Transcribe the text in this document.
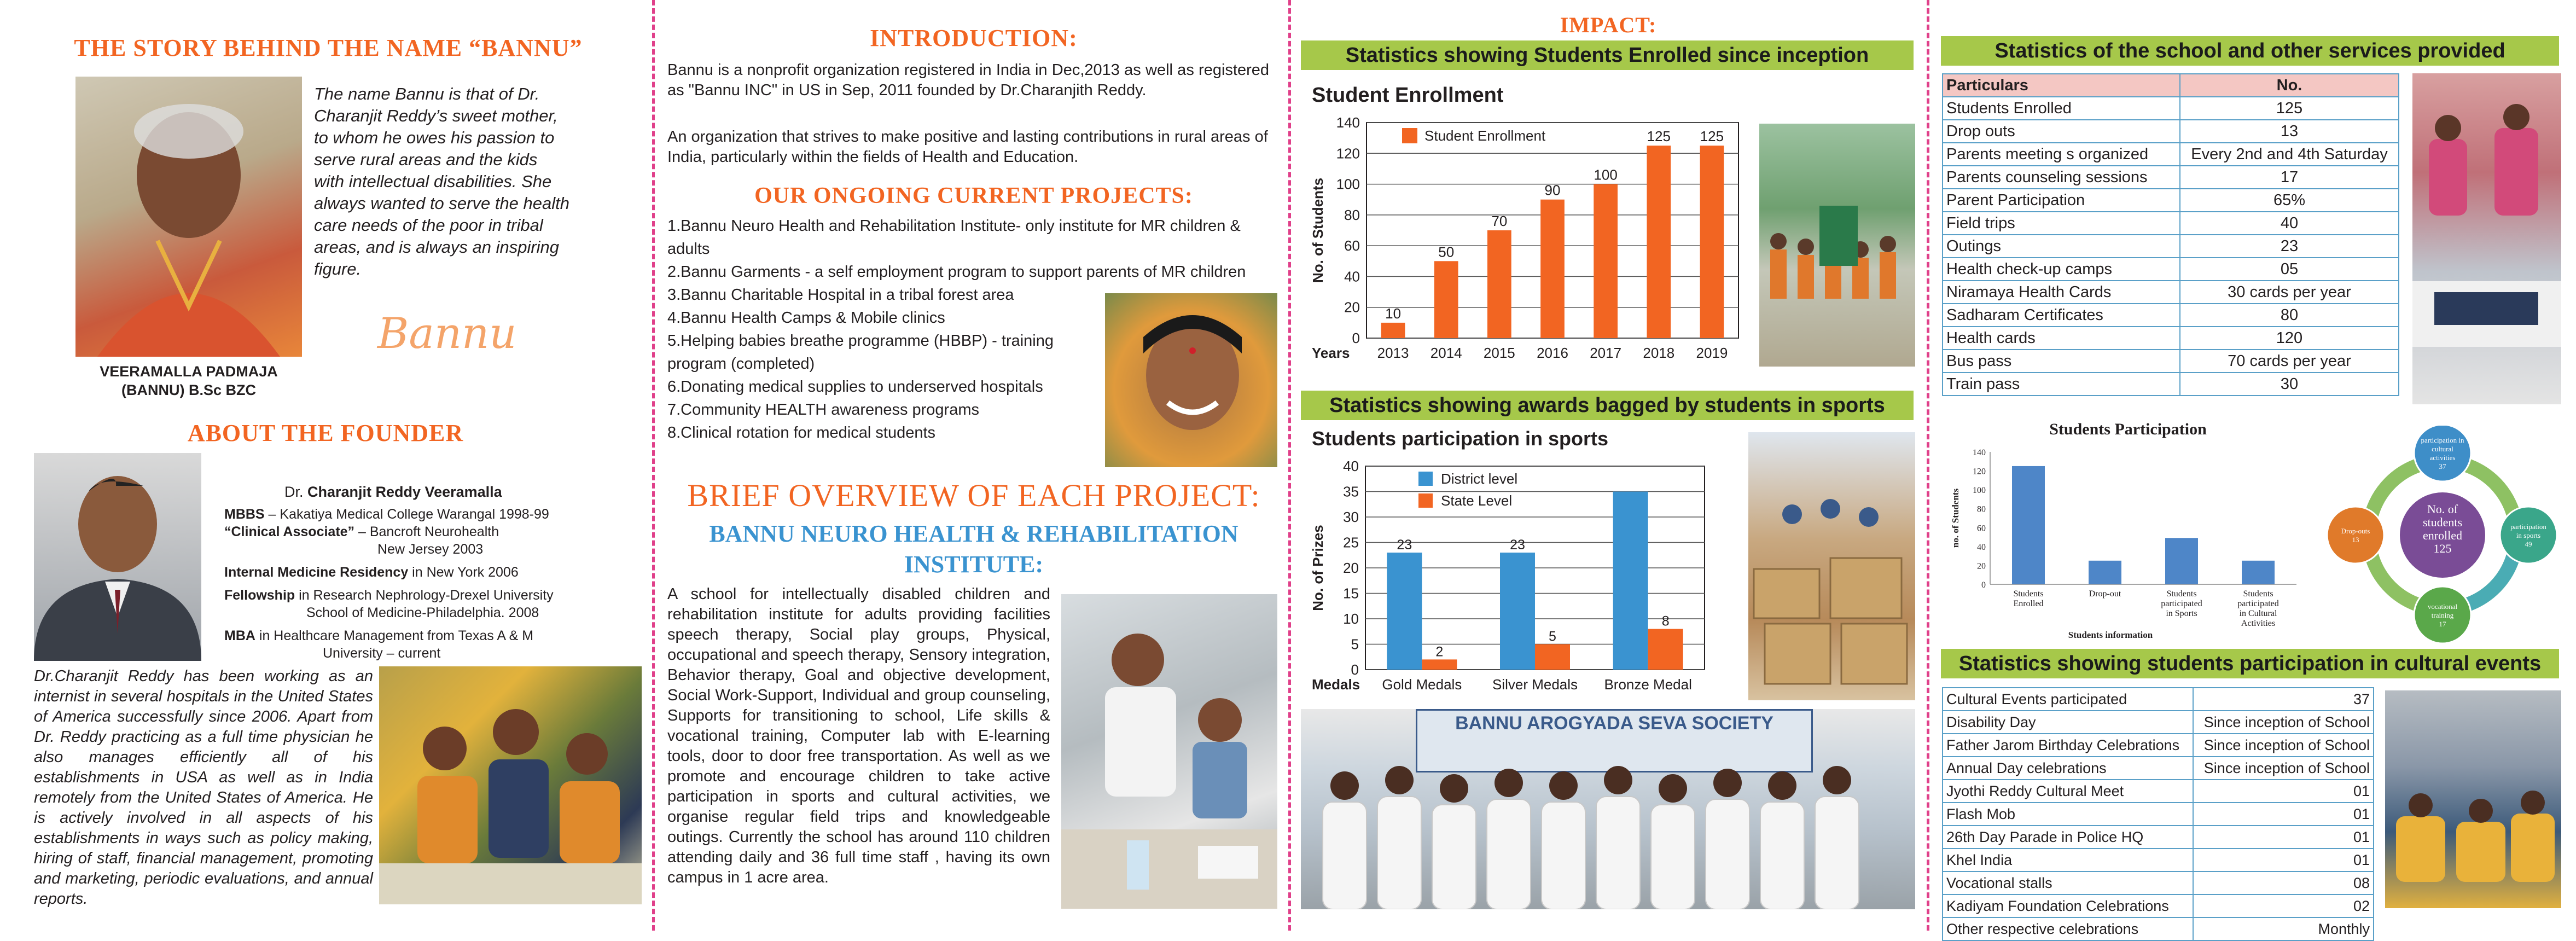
THE STORY BEHIND THE NAME “BANNU”

The name Bannu is that of Dr. Charanjit Reddy’s sweet mother, to whom he owes his passion to serve rural areas and the kids with intellectual disabilities. She always wanted to serve the health care needs of the poor in tribal areas, and is always an inspiring figure.

Bannu
VEERAMALLA PADMAJA
(BANNU) B.Sc BZC
ABOUT THE FOUNDER
Dr. Charanjit Reddy Veeramalla
MBBS – Kakatiya Medical College Warangal 1998-99
“Clinical Associate” – Bancroft Neurohealth
New Jersey 2003
Internal Medicine Residency in New York 2006
Fellowship in Research Nephrology-Drexel University
School of Medicine-Philadelphia. 2008
MBA in Healthcare Management from Texas A & M
University – current

Dr.Charanjit Reddy has been working as an internist in several hospitals in the United States of America successfully since 2006. Apart from Dr. Reddy practicing as a full time physician he also manages efficiently all of his establishments in USA as well as in India remotely from the United States of America. He is actively involved in all aspects of his establishments in ways such as policy making, hiring of staff, financial management, promoting and marketing, periodic evaluations, and annual reports.

INTRODUCTION:

Bannu is a nonprofit organization registered in India in Dec,2013 as well as registered as "Bannu INC" in US in Sep, 2011 founded by Dr.Charanjith Reddy.

An organization that strives to make positive and lasting contributions in rural areas of India, particularly within the fields of Health and Education.

OUR ONGOING CURRENT PROJECTS:
1.Bannu Neuro Health and Rehabilitation Institute- only institute for MR children & adults
2.Bannu Garments - a self employment program to support parents of MR children
3.Bannu Charitable Hospital in a tribal forest area
4.Bannu Health Camps & Mobile clinics
5.Helping babies breathe programme (HBBP) - training program (completed)
6.Donating medical supplies to underserved hospitals
7.Community HEALTH awareness programs
8.Clinical rotation for medical students
BRIEF OVERVIEW OF EACH PROJECT:
BANNU NEURO HEALTH & REHABILITATION INSTITUTE:

A school for intellectually disabled children and rehabilitation institute for adults providing facilities speech therapy, Social play groups, Physical, occupational and speech therapy, Sensory integration, Behavior therapy, Goal and objective development, Social Work-Support, Individual and group counseling, Supports for transitioning to school, Life skills & vocational training, Computer lab with E-learning tools, door to door free transportation. As well as we promote and encourage children to take active participation in sports and cultural activities, we organise regular field trips and knowledgeable outings. Currently the school has around 110 children attending daily and 36 full time staff , having its own campus in 1 acre area.

IMPACT:
Statistics showing Students Enrolled since inception
Student Enrollment
Student Enrollment
0
20
40
60
80
100
120
140
10
2013
50
2014
70
2015
90
2016
100
2017
125
2018
125
2019
Years
No. of Students
Statistics showing awards bagged by students in sports
Students participation in sports
District level
State Level
0
5
10
15
20
25
30
35
40
23
2
Gold Medals
23
5
Silver Medals
8
Bronze Medal
Medals
No. of Prizes
BANNU AROGYADA SEVA SOCIETY
Statistics of the school and other services provided
Particulars	No.
Students Enrolled	125
Drop outs	13
Parents meeting s organized	Every 2nd and 4th Saturday
Parents counseling sessions	17
Parent Participation	65%
Field trips	40
Outings	23
Health check-up camps	05
Niramaya Health Cards	30 cards per year
Sadharam Certificates	80
Health cards	120
Bus pass	70 cards per year
Train pass	30
Students Participation
0
20
40
60
80
100
120
140
Students
Enrolled
Drop-out	Students
participated
in Sports
Students
participated
in Cultural
Activities
Students information
no. of Students	No. of
students
enrolled
125
participation in
cultural
activities
37
participation
in sports
49
vocational
training
17
Drop-outs
13
Statistics showing students participation in cultural events
Cultural Events participated	37
Disability Day	Since inception of School
Father Jarom Birthday Celebrations	Since inception of School
Annual Day celebrations	Since inception of School
Jyothi Reddy Cultural Meet	01
Flash Mob	01
26th Day Parade in Police HQ	01
Khel India	01
Vocational stalls	08
Kadiyam Foundation Celebrations	02
Other respective celebrations	Monthly
